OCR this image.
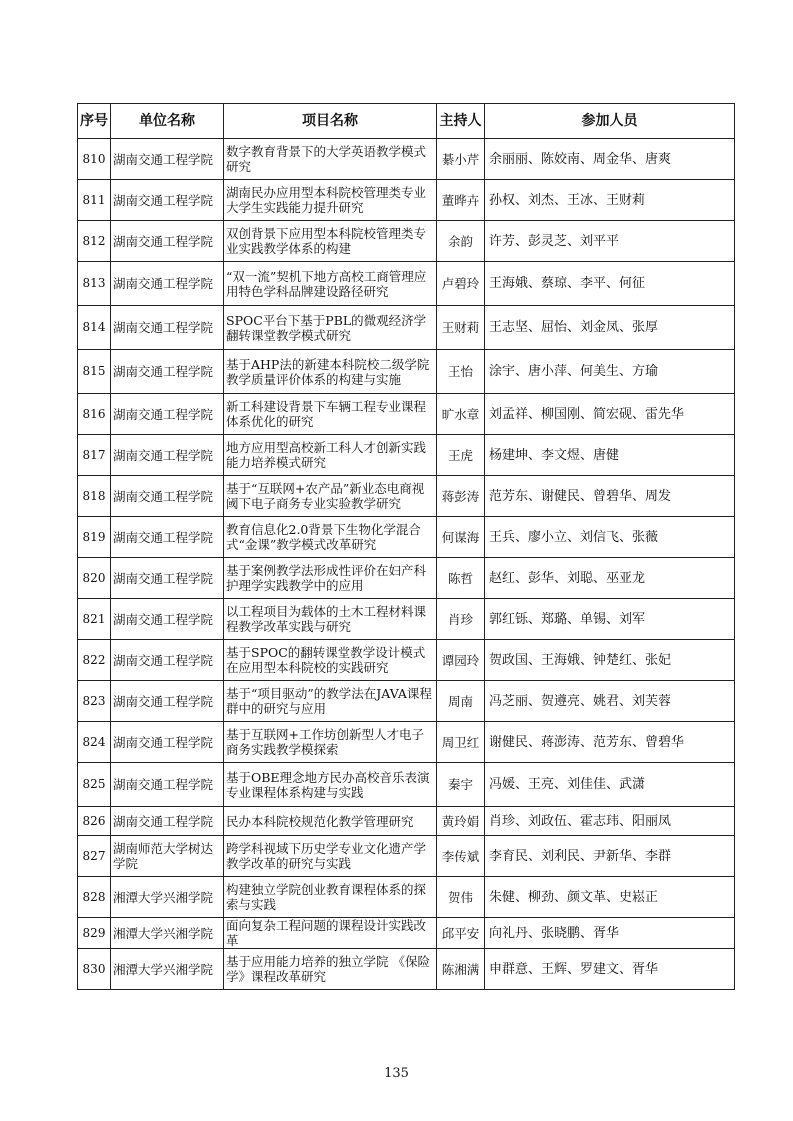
序号	单位名称	项目名称	主持人	参加人员
810	湖南交通工程学院	数字教育背景下的大学英语教学模式研究	綦小芹	余丽丽、陈姣南、周金华、唐爽
811	湖南交通工程学院	湖南民办应用型本科院校管理类专业大学生实践能力提升研究	董晔卉	孙权、刘杰、王冰、王财莉
812	湖南交通工程学院	双创背景下应用型本科院校管理类专业实践教学体系的构建	余韵	许芳、彭灵芝、刘平平
813	湖南交通工程学院	“双一流”契机下地方高校工商管理应用特色学科品牌建设路径研究	卢碧玲	王海娥、蔡琼、李平、何征
814	湖南交通工程学院	SPOC平台下基于PBL的微观经济学翻转课堂教学模式研究	王财莉	王志坚、屈怡、刘金凤、张厚
815	湖南交通工程学院	基于AHP法的新建本科院校二级学院教学质量评价体系的构建与实施	王怡	涂宇、唐小萍、何美生、方瑜
816	湖南交通工程学院	新工科建设背景下车辆工程专业课程体系优化的研究	旷水章	刘孟祥、柳国刚、简宏砚、雷先华
817	湖南交通工程学院	地方应用型高校新工科人才创新实践能力培养模式研究	王虎	杨建坤、李文煜、唐健
818	湖南交通工程学院	基于“互联网+农产品”新业态电商视阈下电子商务专业实验教学研究	蒋彭涛	范芳东、谢健民、曾碧华、周发
819	湖南交通工程学院	教育信息化2.0背景下生物化学混合式“金课”教学模式改革研究	何谋海	王兵、廖小立、刘信飞、张薇
820	湖南交通工程学院	基于案例教学法形成性评价在妇产科护理学实践教学中的应用	陈哲	赵红、彭华、刘聪、巫亚龙
821	湖南交通工程学院	以工程项目为载体的土木工程材料课程教学改革实践与研究	肖珍	郭红铄、郑璐、单锡、刘军
822	湖南交通工程学院	基于SPOC的翻转课堂教学设计模式在应用型本科院校的实践研究	谭园玲	贺政国、王海娥、钟楚红、张妃
823	湖南交通工程学院	基于“项目驱动”的教学法在JAVA课程群中的研究与应用	周南	冯芝丽、贺遵亮、姚君、刘芙蓉
824	湖南交通工程学院	基于互联网+工作坊创新型人才电子商务实践教学模探索	周卫红	谢健民、蒋澎涛、范芳东、曾碧华
825	湖南交通工程学院	基于OBE理念地方民办高校音乐表演专业课程体系构建与实践	秦宇	冯媛、王亮、刘佳佳、武潇
826	湖南交通工程学院	民办本科院校规范化教学管理研究	黄玲娟	肖珍、刘政伍、霍志玮、阳丽凤
827	湖南师范大学树达学院	跨学科视域下历史学专业文化遗产学教学改革的研究与实践	李传斌	李育民、刘利民、尹新华、李群
828	湘潭大学兴湘学院	构建独立学院创业教育课程体系的探索与实践	贺伟	朱健、柳劲、颜文革、史崧正
829	湘潭大学兴湘学院	面向复杂工程问题的课程设计实践改革	邱平安	向礼丹、张晓鹏、胥华
830	湘潭大学兴湘学院	基于应用能力培养的独立学院 《保险学》课程改革研究	陈湘满	申群意、王辉、罗建文、胥华
135
